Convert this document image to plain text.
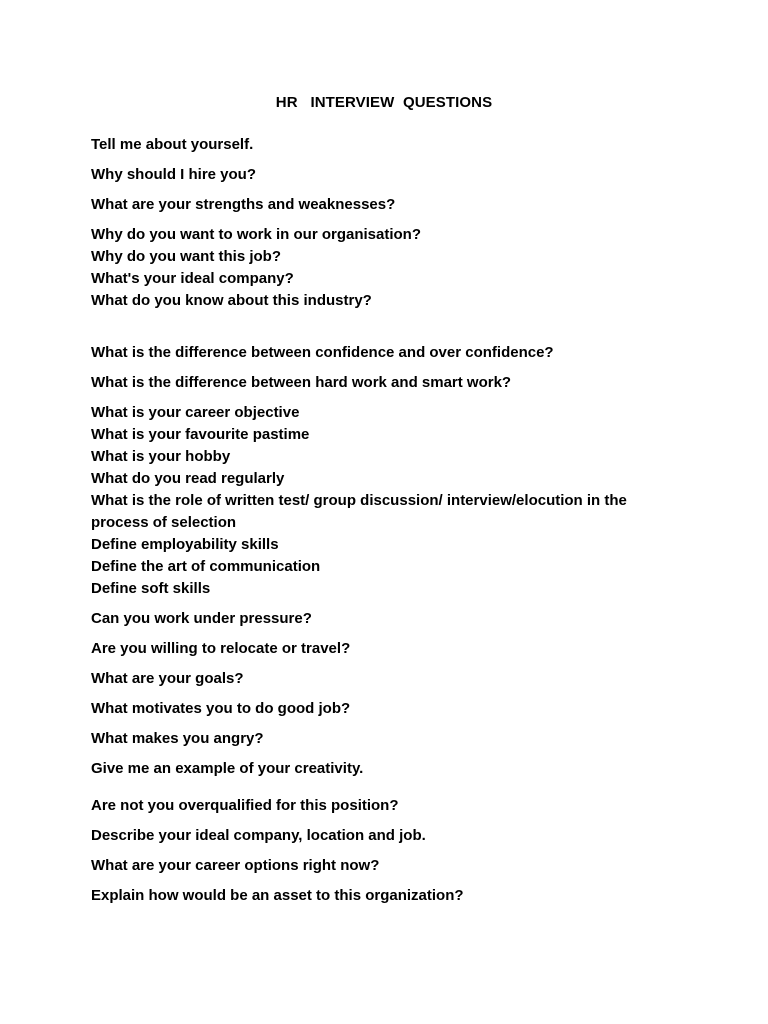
HR   INTERVIEW  QUESTIONS

Tell me about yourself.

Why should I hire you?

What are your strengths and weaknesses?

Why do you want to work in our organisation?

Why do you want this job?

What's your ideal company?

What do you know about this industry?

What is the difference between confidence and over confidence?

What is the difference between hard work and smart work?

What is your career objective

What is your favourite pastime

What is your hobby

What do you read regularly

What is the role of written test/ group discussion/ interview/elocution in the

process of selection

Define employability skills

Define the art of communication

Define soft skills

Can you work under pressure?

Are you willing to relocate or travel?

What are your goals?

What motivates you to do good job?

What makes you angry?

Give me an example of your creativity.

Are not you overqualified for this position?

Describe your ideal company, location and job.

What are your career options right now?

Explain how would be an asset to this organization?
